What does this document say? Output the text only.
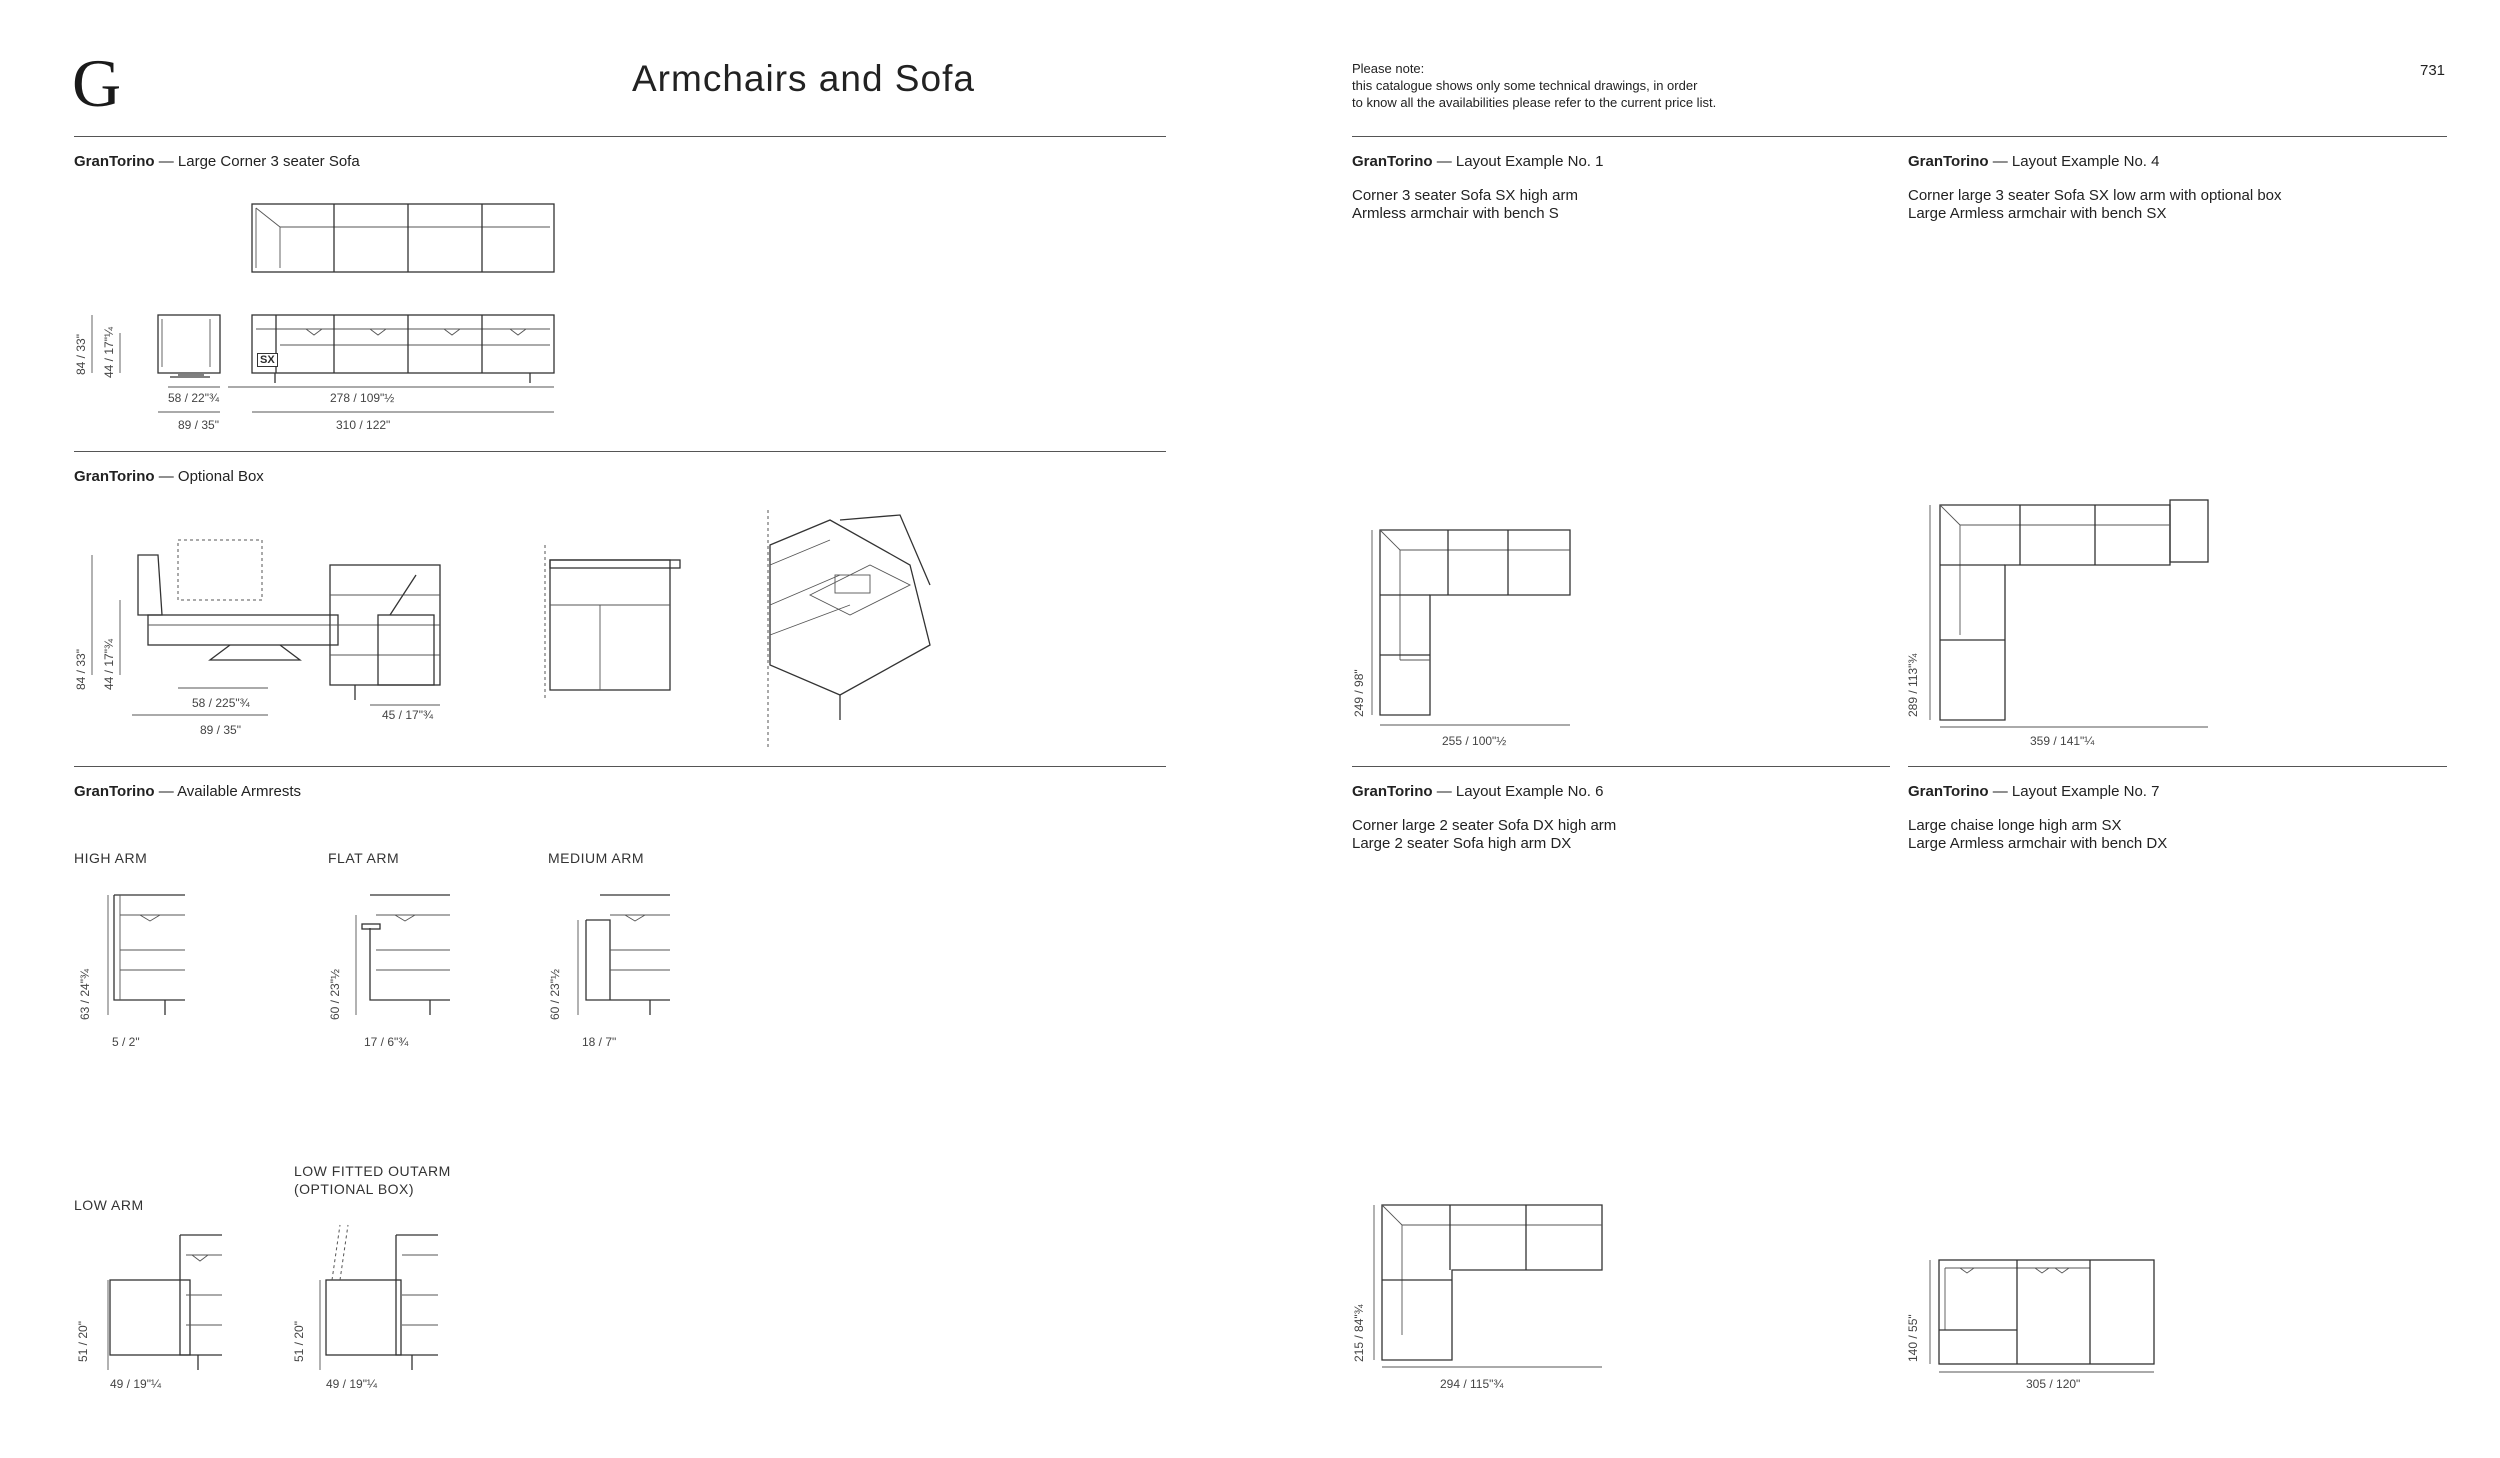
G	Armchairs and Sofa	Please note:
this catalogue shows only some technical drawings, in order
to know all the availabilities please refer to the current price list.
731
GranTorino — Large Corner 3 seater Sofa
SX
84 / 33" 44 / 17"¼
58 / 22"¾	278 / 109"½
89 / 35"	310 / 122"
GranTorino — Optional Box
84 / 33" 44 / 17"¾
58 / 225"¾
89 / 35"
45 / 17"¾
GranTorino — Available Armrests
HIGH ARM	FLAT ARM	MEDIUM ARM
LOW ARM
LOW FITTED OUTARM
(OPTIONAL BOX)
63 / 24"¾	60 / 23"½	60 / 23"½
5 / 2"	17 / 6"¾	18 / 7"
51 / 20"	51 / 20"
49 / 19"¼	49 / 19"¼
GranTorino — Layout Example No. 1
Corner 3 seater Sofa SX high arm
Armless armchair with bench S
249 / 98"
255 / 100"½
GranTorino — Layout Example No. 4
Corner large 3 seater Sofa SX low arm with optional box
Large Armless armchair with bench SX
289 / 113"¾
359 / 141"¼
GranTorino — Layout Example No. 6
Corner large 2 seater Sofa DX high arm
Large 2 seater Sofa high arm DX
215 / 84"¾
294 / 115"¾
GranTorino — Layout Example No. 7
Large chaise longe high arm SX
Large Armless armchair with bench DX
140 / 55"
305 / 120"
